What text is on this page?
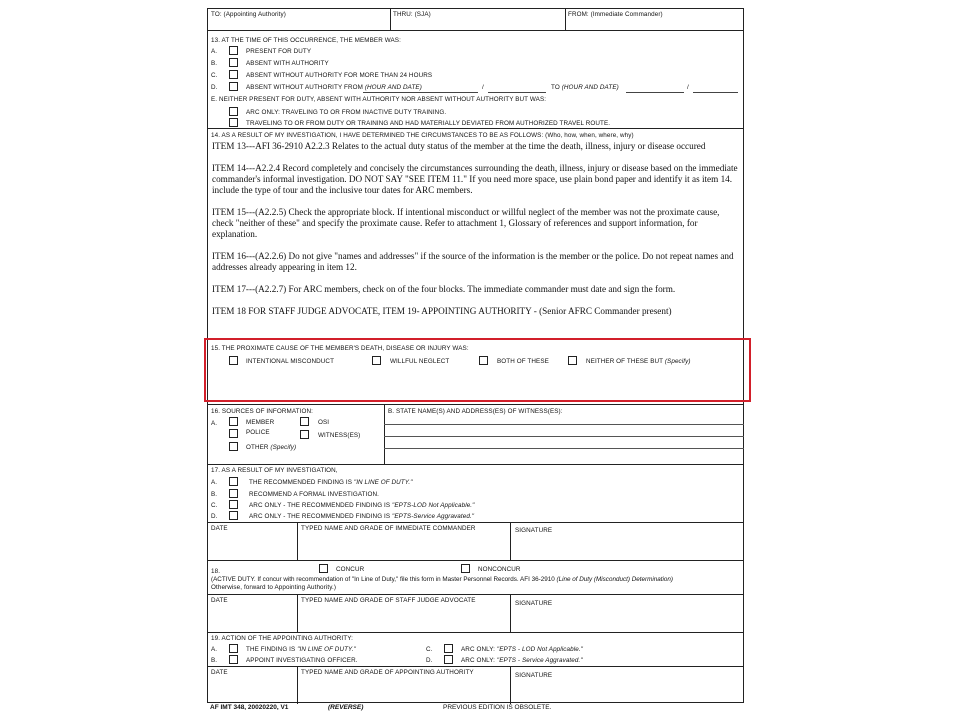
TO: (Appointing Authority)	THRU: (SJA)	FROM: (Immediate Commander)
13. AT THE TIME OF THIS OCCURRENCE, THE MEMBER WAS:
A.	PRESENT FOR DUTY
B.	ABSENT WITH AUTHORITY
C.	ABSENT WITHOUT AUTHORITY FOR MORE THAN 24 HOURS
D.	ABSENT WITHOUT AUTHORITY FROM (HOUR AND DATE)	/	TO (HOUR AND DATE)	/
E. NEITHER PRESENT FOR DUTY, ABSENT WITH AUTHORITY NOR ABSENT WITHOUT AUTHORITY BUT WAS:
ARC ONLY: TRAVELING TO OR FROM INACTIVE DUTY TRAINING.
TRAVELING TO OR FROM DUTY OR TRAINING AND HAD MATERIALLY DEVIATED FROM AUTHORIZED TRAVEL ROUTE.
14. AS A RESULT OF MY INVESTIGATION, I HAVE DETERMINED THE CIRCUMSTANCES TO BE AS FOLLOWS: (Who, how, when, where, why)

ITEM 13---AFI 36-2910 A2.2.3 Relates to the actual duty status of the member at the time the death, illness, injury or disease occured

ITEM 14---A2.2.4 Record completely and concisely the circumstances surrounding the death, illness, injury or disease based on the immediate commander's informal investigation. DO NOT SAY "SEE ITEM 11." If you need more space, use plain bond paper and identify it as item 14. include the type of tour and the inclusive tour dates for ARC members.

ITEM 15---(A2.2.5) Check the appropriate block. If intentional misconduct or willful neglect of the member was not the proximate cause, check "neither of these" and specify the proximate cause. Refer to attachment 1, Glossary of references and support information, for explanation.

ITEM 16---(A2.2.6) Do not give "names and addresses" if the source of the information is the member or the police. Do not repeat names and addresses already appearing in item 12.

ITEM 17---(A2.2.7) For ARC members, check on of the four blocks. The immediate commander must date and sign the form.

ITEM 18 FOR STAFF JUDGE ADVOCATE, ITEM 19- APPOINTING AUTHORITY - (Senior AFRC Commander present)

15. THE PROXIMATE CAUSE OF THE MEMBER'S DEATH, DISEASE OR INJURY WAS:
INTENTIONAL MISCONDUCT	WILLFUL NEGLECT	BOTH OF THESE	NEITHER OF THESE BUT (Specify)
16. SOURCES OF INFORMATION:
A.	MEMBER
POLICE
OSI
WITNESS(ES)
OTHER (Specify)
B. STATE NAME(S) AND ADDRESS(ES) OF WITNESS(ES):
17. AS A RESULT OF MY INVESTIGATION,
A.	THE RECOMMENDED FINDING IS "IN LINE OF DUTY."
B.	RECOMMEND A FORMAL INVESTIGATION.
C.	ARC ONLY - THE RECOMMENDED FINDING IS "EPTS-LOD Not Applicable."
D.	ARC ONLY - THE RECOMMENDED FINDING IS "EPTS-Service Aggravated."
DATE	TYPED NAME AND GRADE OF IMMEDIATE COMMANDER	SIGNATURE
18.	CONCUR	NONCONCUR
(ACTIVE DUTY. If concur with recommendation of "In Line of Duty," file this form in Master Personnel Records. AFI 36-2910 (Line of Duty (Misconduct) Determination)
Otherwise, forward to Appointing Authority.)
DATE	TYPED NAME AND GRADE OF STAFF JUDGE ADVOCATE	SIGNATURE
19. ACTION OF THE APPOINTING AUTHORITY:
A.	THE FINDING IS "IN LINE OF DUTY."
B.	APPOINT INVESTIGATING OFFICER.
C.	ARC ONLY: "EPTS - LOD Not Applicable."
D.	ARC ONLY: "EPTS - Service Aggravated."
DATE	TYPED NAME AND GRADE OF APPOINTING AUTHORITY	SIGNATURE
AF IMT 348, 20020220, V1	(REVERSE)	PREVIOUS EDITION IS OBSOLETE.
